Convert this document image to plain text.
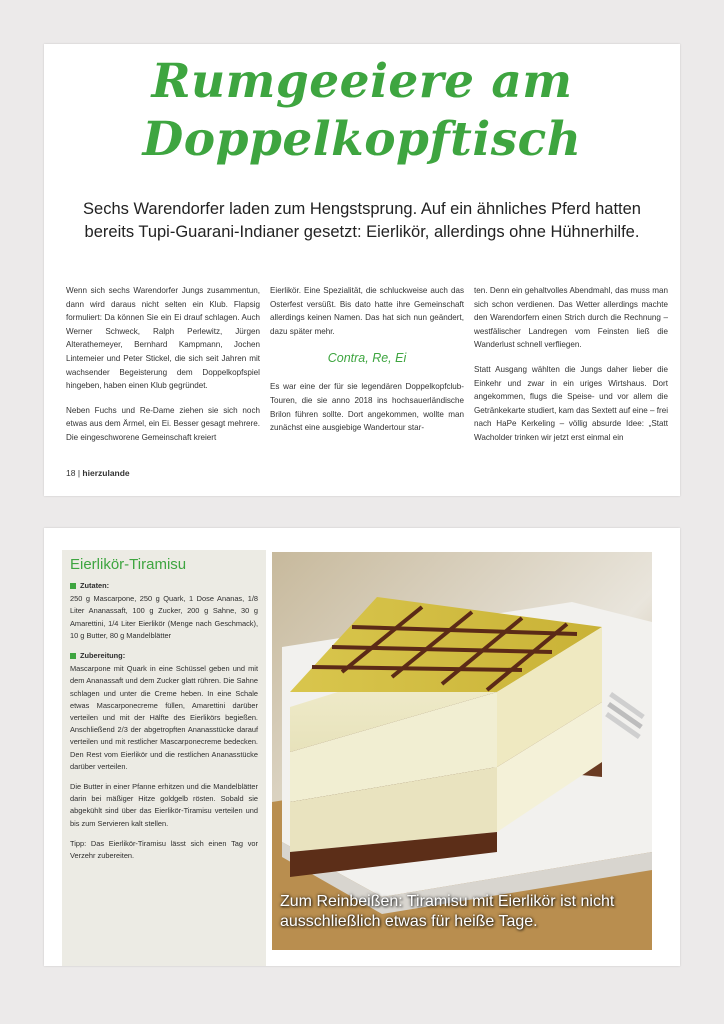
Rumgeeiere am
Doppelkopftisch
Sechs Warendorfer laden zum Hengstsprung. Auf ein ähnliches Pferd hatten bereits Tupi-Guarani-Indianer gesetzt: Eierlikör, allerdings ohne Hühnerhilfe.

Wenn sich sechs Warendorfer Jungs zusammentun, dann wird daraus nicht selten ein Klub. Flapsig formuliert: Da können Sie ein Ei drauf schlagen. Auch Werner Schweck, Ralph Perlewitz, Jürgen Alterathemeyer, Bernhard Kampmann, Jochen Lintemeier und Peter Stickel, die sich seit Jahren mit wachsender Begeisterung dem Doppelkopfspiel hingeben, haben einen Klub gegründet.

Neben Fuchs und Re-Dame ziehen sie sich noch etwas aus dem Ärmel, ein Ei. Besser gesagt mehrere. Die eingeschworene Gemeinschaft kreiert

Eierlikör. Eine Spezialität, die schluckweise auch das Osterfest versüßt. Bis dato hatte ihre Gemeinschaft allerdings keinen Namen. Das hat sich nun geändert, dazu später mehr.

Contra, Re, Ei

Es war eine der für sie legendären Doppelkopfclub-Touren, die sie anno 2018 ins hochsauerländische Brilon führen sollte. Dort angekommen, wollte man zunächst eine ausgiebige Wandertour star-

ten. Denn ein gehaltvolles Abendmahl, das muss man sich schon verdienen. Das Wetter allerdings machte den Warendorfern einen Strich durch die Rechnung – westfälischer Landregen vom Feinsten ließ die Wanderlust schnell verfliegen.

Statt Ausgang wählten die Jungs daher lieber die Einkehr und zwar in ein uriges Wirtshaus. Dort angekommen, flugs die Speise- und vor allem die Getränkekarte studiert, kam das Sextett auf eine – frei nach HaPe Kerkeling – völlig absurde Idee: „Statt Wacholder trinken wir jetzt erst einmal ein

18 | hierzulande
Eierlikör-Tiramisu

Zutaten:

250 g Mascarpone, 250 g Quark, 1 Dose Ananas, 1/8 Liter Ananassaft, 100 g Zucker, 200 g Sahne, 30 g Amarettini, 1/4 Liter Eierlikör (Menge nach Geschmack), 10 g Butter, 80 g Mandelblätter

Zubereitung:

Mascarpone mit Quark in eine Schüssel geben und mit dem Ananassaft und dem Zucker glatt rühren. Die Sahne schlagen und unter die Creme heben. In eine Schale etwas Mascarponecreme füllen, Amarettini darüber verteilen und mit der Hälfte des Eierlikörs begießen. Anschließend 2/3 der abgetropften Ananasstücke darauf verteilen und mit restlicher Mascarponecreme bedecken. Den Rest vom Eierlikör und die restlichen Ananasstücke darüber verteilen.

Die Butter in einer Pfanne erhitzen und die Mandelblätter darin bei mäßiger Hitze goldgelb rösten. Sobald sie abgekühlt sind über das Eierlikör-Tiramisu verteilen und bis zum Servieren kalt stellen.

Tipp: Das Eierlikör-Tiramisu lässt sich einen Tag vor Verzehr zubereiten.

Zum Reinbeißen: Tiramisu mit Eierlikör ist nicht ausschließlich etwas für heiße Tage.
